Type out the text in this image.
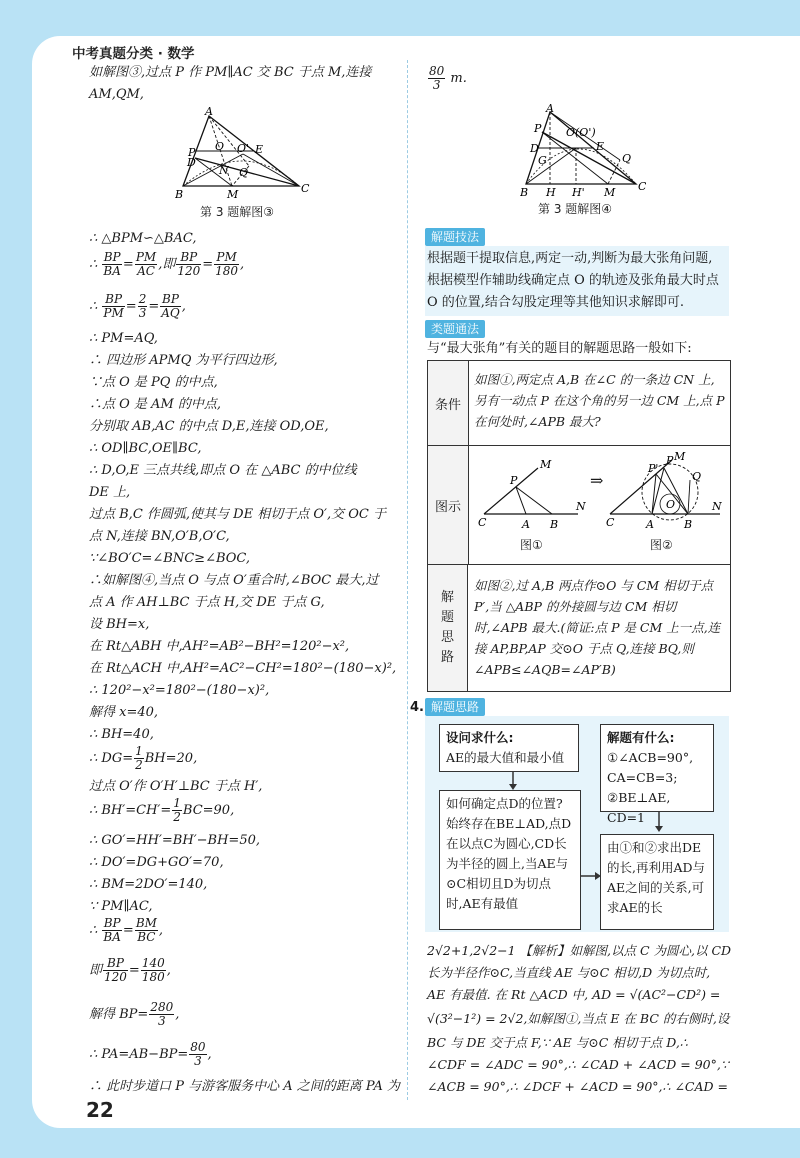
中考真题分类 · 数学
22
如解图③,过点 P 作 PM∥AC 交 BC 于点 M,连接
AM,QM,
A
P
D
O O' E
Q
N
B	M	C
第 3 题解图③
∴ △BPM∽△BAC,
∴ $\frac{BP}{BA} = \frac{PM}{AC}$ ,即 $\frac{BP}{120} = \frac{PM}{180}$ ,
∴ $\frac{BP}{PM} = \frac{2}{3} = \frac{BP}{AQ}$ ,
∴ PM=AQ,
∴ 四边形 APMQ 为平行四边形,
∵点 O 是 PQ 的中点,
∴点 O 是 AM 的中点,
分别取 AB,AC 的中点 D,E,连接 OD,OE,
∴ OD∥BC,OE∥BC,
∴ D,O,E 三点共线,即点 O 在 △ABC 的中位线
DE 上,
过点 B,C 作圆弧,使其与 DE 相切于点 O′,交 OC 于
点 N,连接 BN,O′B,O′C,
∵∠BO′C=∠BNC≥∠BOC,
∴如解图④,当点 O 与点 O′重合时,∠BOC 最大,过
点 A 作 AH⊥BC 于点 H,交 DE 于点 G,
设 BH=x,
在 Rt△ABH 中,AH²=AB²−BH²=120²−x²,
在 Rt△ACH 中,AH²=AC²−CH²=180²−(180−x)²,
∴ 120²−x²=180²−(180−x)²,
解得 x=40,
∴ BH=40,
∴ $DG= \frac{1}{2} BH=20$,
过点 O′作 O′H′⊥BC 于点 H′,
∴ $BH'=CH'= \frac{1}{2} BC=90$,
∴ GO′=HH′=BH′−BH=50,
∴ DO′=DG+GO′=70,
∴ BM=2DO′=140,
∵ PM∥AC,
∴ $\frac{BP}{BA} = \frac{BM}{BC}$ ,
即 $\frac{BP}{120} = \frac{140}{180}$ ,
解得 $BP= \frac{280}{3}$ ,
∴ $PA=AB-BP= \frac{80}{3}$ ,
∴ 此时步道口 P 与游客服务中心 A 之间的距离 PA 为
$\frac{80}{3} m$.
A
P
D
O(O')
E
Q
G
B H H' M C
第 3 题解图④
解题技法
根据题干提取信息,两定一动,判断为最大张角问题,
根据模型作辅助线确定点 O 的轨迹及张角最大时点
O 的位置,结合勾股定理等其他知识求解即可.
类题通法
与“最大张角”有关的题目的解题思路一般如下:
条件
如图①,两定点 A,B 在∠C 的一条边 CN 上,另有一动点 P 在这个角的另一边 CM 上,点 P 在何处时,∠APB 最大?
图示
C
P
M
A B
N
图①
⇒
C
P'
P M
Q
O
A	B
N
图②
解题思路
如图②,过 A,B 两点作⊙O 与 CM 相切于点 P′,当 △ABP 的外接圆与边 CM 相切时,∠APB 最大.(简证:点 P 是 CM 上一点,连接 AP,BP,AP 交⊙O 于点 Q,连接 BQ,则∠APB≤∠AQB=∠AP′B)
4. 解题思路
设问求什么:
AE的最大值和最小值
解题有什么:
①∠ACB=90°,
CA=CB=3;
②BE⊥AE, CD=1
如何确定点D的位置?始终存在BE⊥AD,点D在以点C为圆心,CD长为半径的圆上,当AE与⊙C相切且D为切点时,AE有最值
由①和②求出DE的长,再利用AD与AE之间的关系,可求AE的长
2√2+1,2√2−1 【解析】如解图,以点 C 为圆心,以 CD
长为半径作⊙C,当直线 AE 与⊙C 相切,D 为切点时,
AE 有最值. 在 Rt △ACD 中, AD = √(AC²−CD²) =
√(3²−1²) = 2√2,如解图①,当点 E 在 BC 的右侧时,设
BC 与 DE 交于点 F,∵ AE 与⊙C 相切于点 D,∴
∠CDF = ∠ADC = 90°,∴ ∠CAD + ∠ACD = 90°,∵
∠ACB = 90°,∴ ∠DCF + ∠ACD = 90°,∴ ∠CAD =
